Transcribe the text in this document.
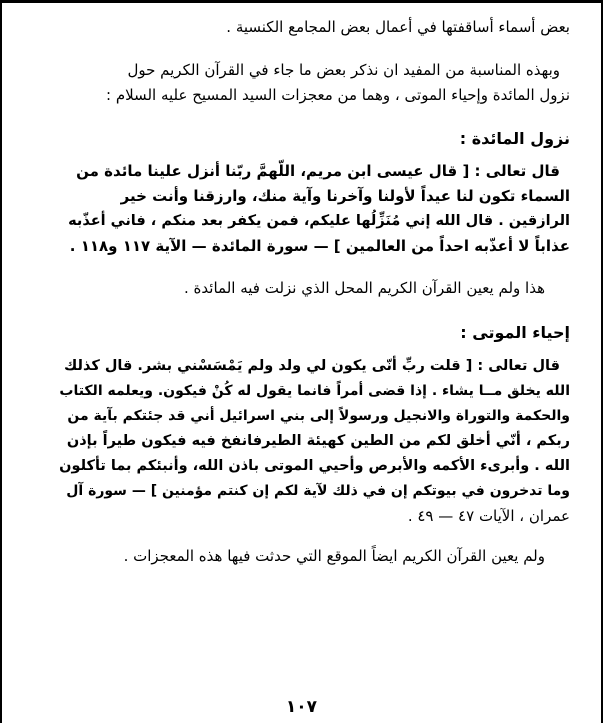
بعض أسماء أساقفتها في أعمال بعض المجامع الكنسية .
وبهذه المناسبة من المفيد ان نذكر بعض ما جاء في القرآن الكريم حول
نزول المائدة وإحياء الموتى ، وهما من معجزات السيد المسيح عليه السلام :
نزول المائدة :
قال تعالى : [ قال عيسى ابن مريم، اللّهمَّ ربّنا أنزل علينا مائدة من
السماء تكون لنا عيداً لأولنا وآخرنا وآية منك، وارزقنا وأنت خير
الرازقين . قال الله إني مُنَزِّلُها عليكم، فمن يكفر بعد منكم ، فاني أعذّبه
عذاباً لا أعذّبه احداً من العالمين ] — سورة المائدة — الآية ١١٧ و١١٨ .
هذا ولم يعين القرآن الكريم المحل الذي نزلت فيه المائدة .
إحياء الموتى :
قال تعالى : [ قلت ربِّ أنّى يكون لي ولد ولم يَمْسَسْني بشر. قال كذلك
الله يخلق مــا يشاء . إذا قضى أمراً فانما يقول له كُنْ فيكون. ويعلمه الكتاب
والحكمة والتوراة والانجيل ورسولاً إلى بني اسرائيل أني قد جئتكم بآية من
ربكم ، أنّي أخلق لكم من الطين كهيئة الطيرفانفخ فيه فيكون طيراً بإذن
الله . وأبرىء الأكمه والأبرص وأحيي الموتى باذن الله، وأنبئكم بما تأكلون
وما تدخرون في بيوتكم إن في ذلك لآية لكم إن كنتم مؤمنين ] — سورة آل
عمران ، الآيات ٤٧ — ٤٩ .
ولم يعين القرآن الكريم ايضاً الموقع التي حدثت فيها هذه المعجزات .
١٠٧
